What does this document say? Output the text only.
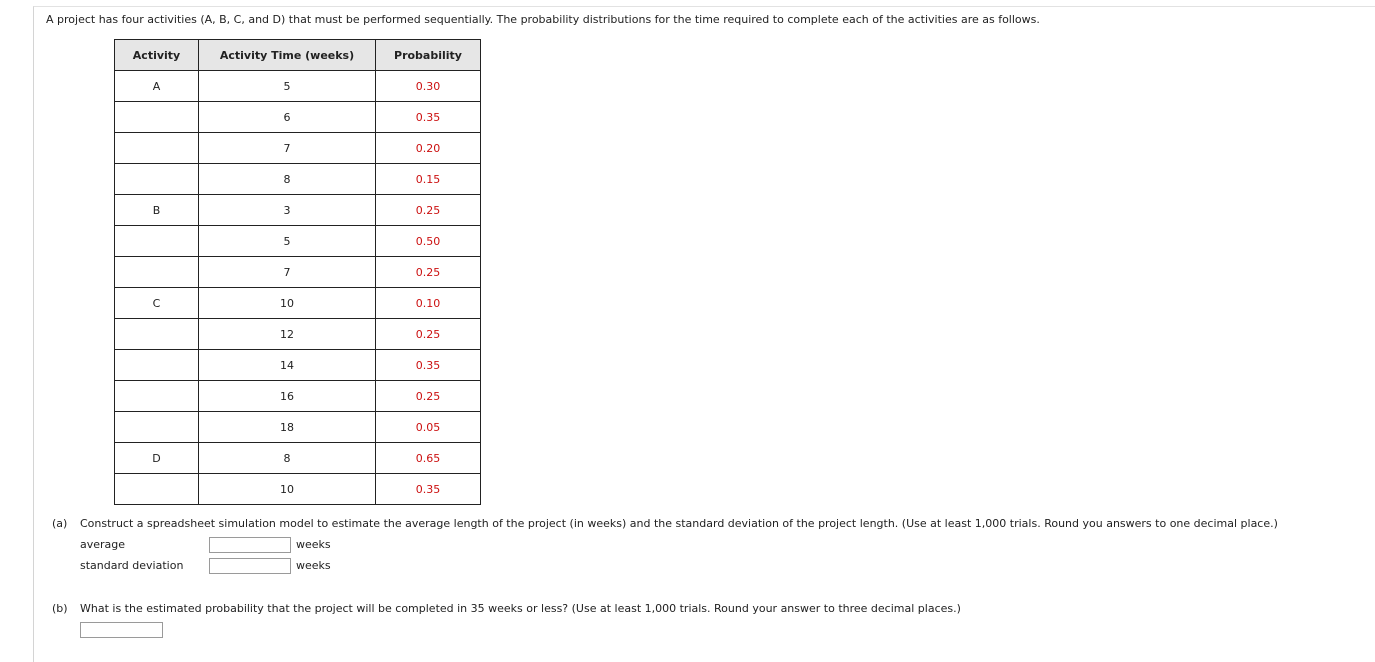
A project has four activities (A, B, C, and D) that must be performed sequentially. The probability distributions for the time required to complete each of the activities are as follows.

Activity	Activity Time (weeks)	Probability
A	5	0.30
	6	0.35
	7	0.20
	8	0.15
B	3	0.25
	5	0.50
	7	0.25
C	10	0.10
	12	0.25
	14	0.35
	16	0.25
	18	0.05
D	8	0.65
	10	0.35
(a) Construct a spreadsheet simulation model to estimate the average length of the project (in weeks) and the standard deviation of the project length. (Use at least 1,000 trials. Round you answers to one decimal place.)
average	weeks
standard deviation	weeks
(b) What is the estimated probability that the project will be completed in 35 weeks or less? (Use at least 1,000 trials. Round your answer to three decimal places.)
